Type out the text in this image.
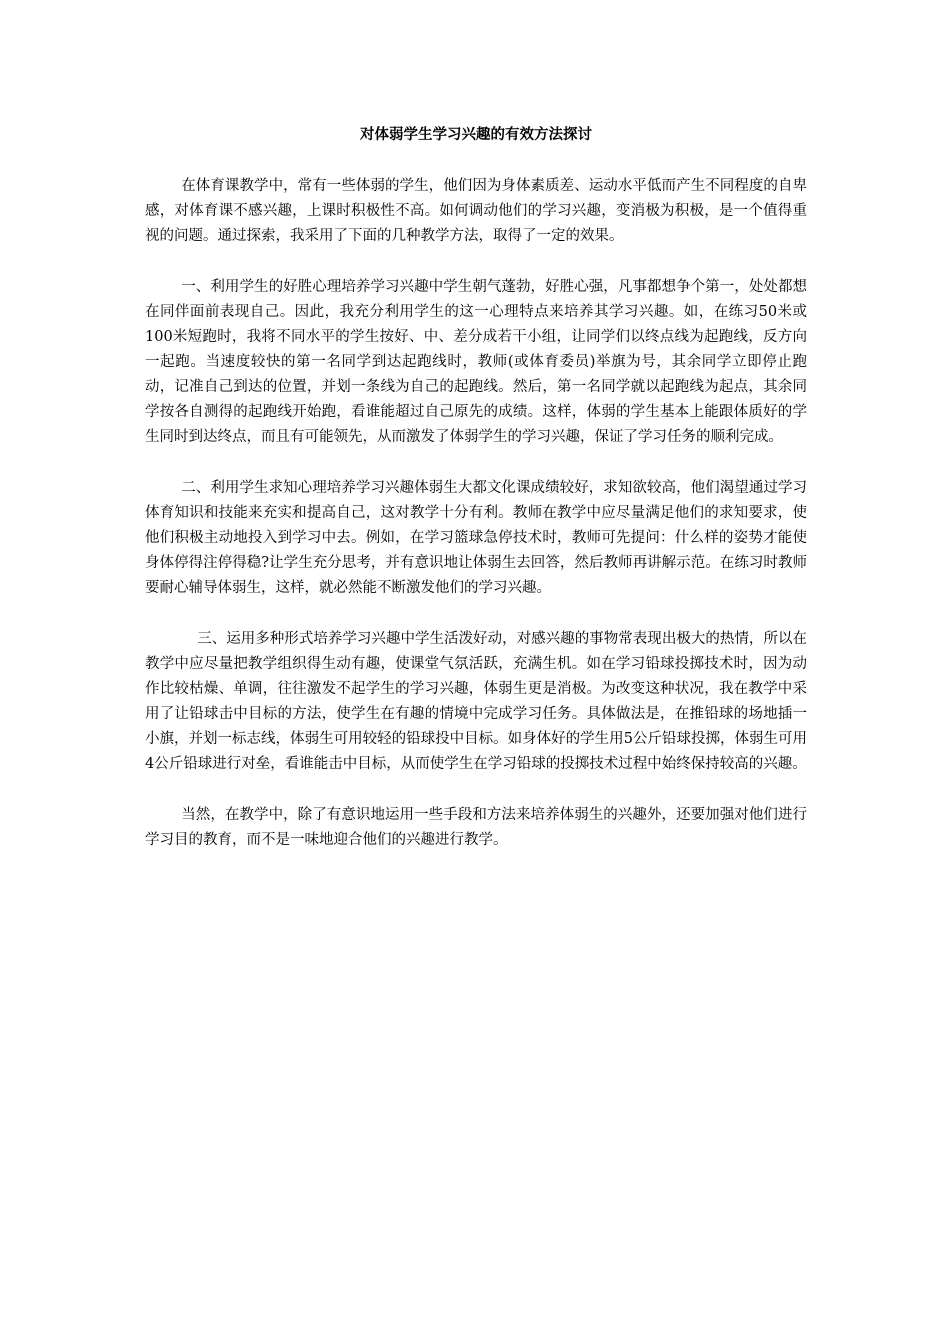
对体弱学生学习兴趣的有效方法探讨

在体育课教学中，常有一些体弱的学生，他们因为身体素质差、运动水平低而产生不同程度的自卑感，对体育课不感兴趣，上课时积极性不高。如何调动他们的学习兴趣，变消极为积极，是一个值得重视的问题。通过探索，我采用了下面的几种教学方法，取得了一定的效果。

一、利用学生的好胜心理培养学习兴趣中学生朝气蓬勃，好胜心强，凡事都想争个第一，处处都想在同伴面前表现自己。因此，我充分利用学生的这一心理特点来培养其学习兴趣。如，在练习50米或100米短跑时，我将不同水平的学生按好、中、差分成若干小组，让同学们以终点线为起跑线，反方向一起跑。当速度较快的第一名同学到达起跑线时，教师(或体育委员)举旗为号，其余同学立即停止跑动，记准自己到达的位置，并划一条线为自己的起跑线。然后，第一名同学就以起跑线为起点，其余同学按各自测得的起跑线开始跑，看谁能超过自己原先的成绩。这样，体弱的学生基本上能跟体质好的学生同时到达终点，而且有可能领先，从而激发了体弱学生的学习兴趣，保证了学习任务的顺利完成。

二、利用学生求知心理培养学习兴趣体弱生大都文化课成绩较好，求知欲较高，他们渴望通过学习体育知识和技能来充实和提高自己，这对教学十分有利。教师在教学中应尽量满足他们的求知要求，使他们积极主动地投入到学习中去。例如，在学习篮球急停技术时，教师可先提问：什么样的姿势才能使身体停得注停得稳?让学生充分思考，并有意识地让体弱生去回答，然后教师再讲解示范。在练习时教师要耐心辅导体弱生，这样，就必然能不断激发他们的学习兴趣。

三、运用多种形式培养学习兴趣中学生活泼好动，对感兴趣的事物常表现出极大的热情，所以在教学中应尽量把教学组织得生动有趣，使课堂气氛活跃，充满生机。如在学习铅球投掷技术时，因为动作比较枯燥、单调，往往激发不起学生的学习兴趣，体弱生更是消极。为改变这种状况，我在教学中采用了让铅球击中目标的方法，使学生在有趣的情境中完成学习任务。具体做法是，在推铅球的场地插一小旗，并划一标志线，体弱生可用较轻的铅球投中目标。如身体好的学生用5公斤铅球投掷，体弱生可用4公斤铅球进行对垒，看谁能击中目标，从而使学生在学习铅球的投掷技术过程中始终保持较高的兴趣。

当然，在教学中，除了有意识地运用一些手段和方法来培养体弱生的兴趣外，还要加强对他们进行学习目的教育，而不是一味地迎合他们的兴趣进行教学。
